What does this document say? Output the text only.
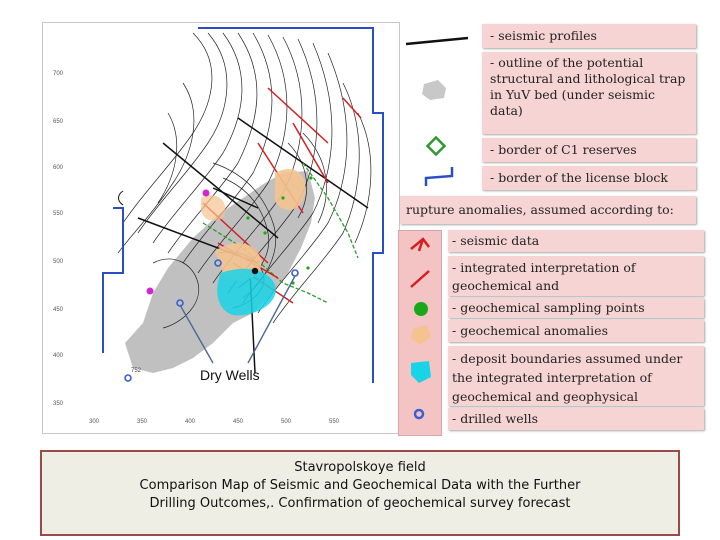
700
650
600
550
500
450
400
350
300	350	400	450	500	550
752	Dry Wells
- seismic profiles
- outline of the potential structural and lithological trap in YuV bed (under seismic data)
- border of C1 reserves
- border of the license block
rupture anomalies, assumed according to:
- seismic data
- integrated interpretation of geochemical and
- geochemical sampling points
- geochemical anomalies
- deposit boundaries assumed under the integrated interpretation of geochemical and geophysical
- drilled wells
Stavropolskoye field
Comparison Map of Seismic and Geochemical Data with the Further
Drilling Outcomes,. Confirmation of geochemical survey forecast
